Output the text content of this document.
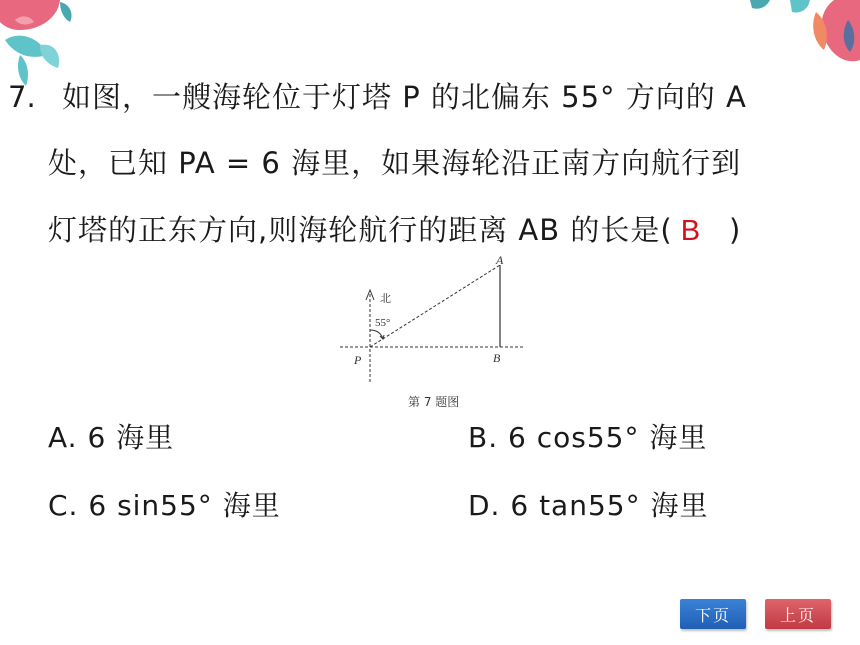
7. 如图，一艘海轮位于灯塔 P 的北偏东 55° 方向的 A
处，已知 PA = 6 海里，如果海轮沿正南方向航行到
灯塔的正东方向,则海轮航行的距离 AB 的长是( B )
北
55°
P
A
B
第 7 题图
A. 6 海里	B. 6 cos55° 海里
C. 6 sin55° 海里	D. 6 tan55° 海里
下页	上页
